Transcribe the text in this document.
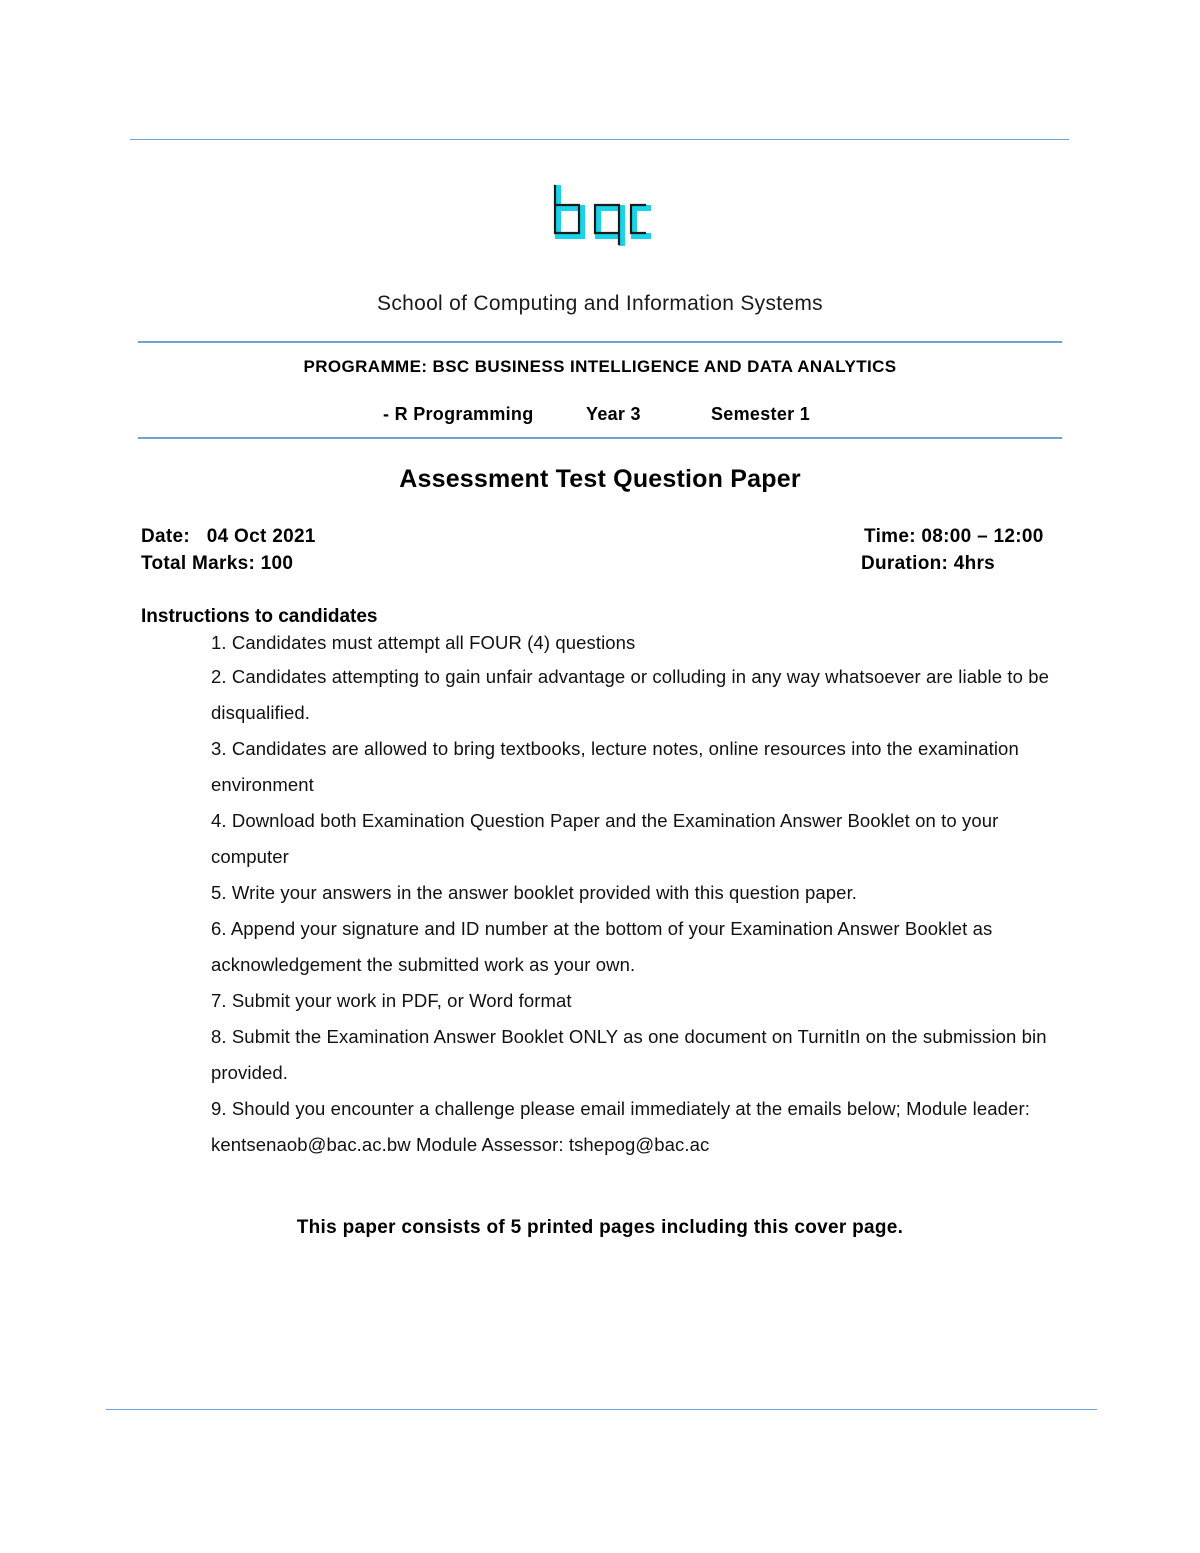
School of Computing and Information Systems
PROGRAMME: BSC BUSINESS INTELLIGENCE AND DATA ANALYTICS
- R Programming	Year 3	Semester 1
Assessment Test Question Paper
Date:   04 Oct 2021	Time: 08:00 – 12:00
Total Marks: 100	Duration: 4hrs
Instructions to candidates
1. Candidates must attempt all FOUR (4) questions
2. Candidates attempting to gain unfair advantage or colluding in any way whatsoever are liable to be disqualified.
3. Candidates are allowed to bring textbooks, lecture notes, online resources into the examination environment
4. Download both Examination Question Paper and the Examination Answer Booklet on to your computer
5. Write your answers in the answer booklet provided with this question paper.
6. Append your signature and ID number at the bottom of your Examination Answer Booklet as acknowledgement the submitted work as your own.
7. Submit your work in PDF, or Word format
8. Submit the Examination Answer Booklet ONLY as one document on TurnitIn on the submission bin provided.
9. Should you encounter a challenge please email immediately at the emails below; Module leader: kentsenaob@bac.ac.bw Module Assessor: tshepog@bac.ac
This paper consists of 5 printed pages including this cover page.
